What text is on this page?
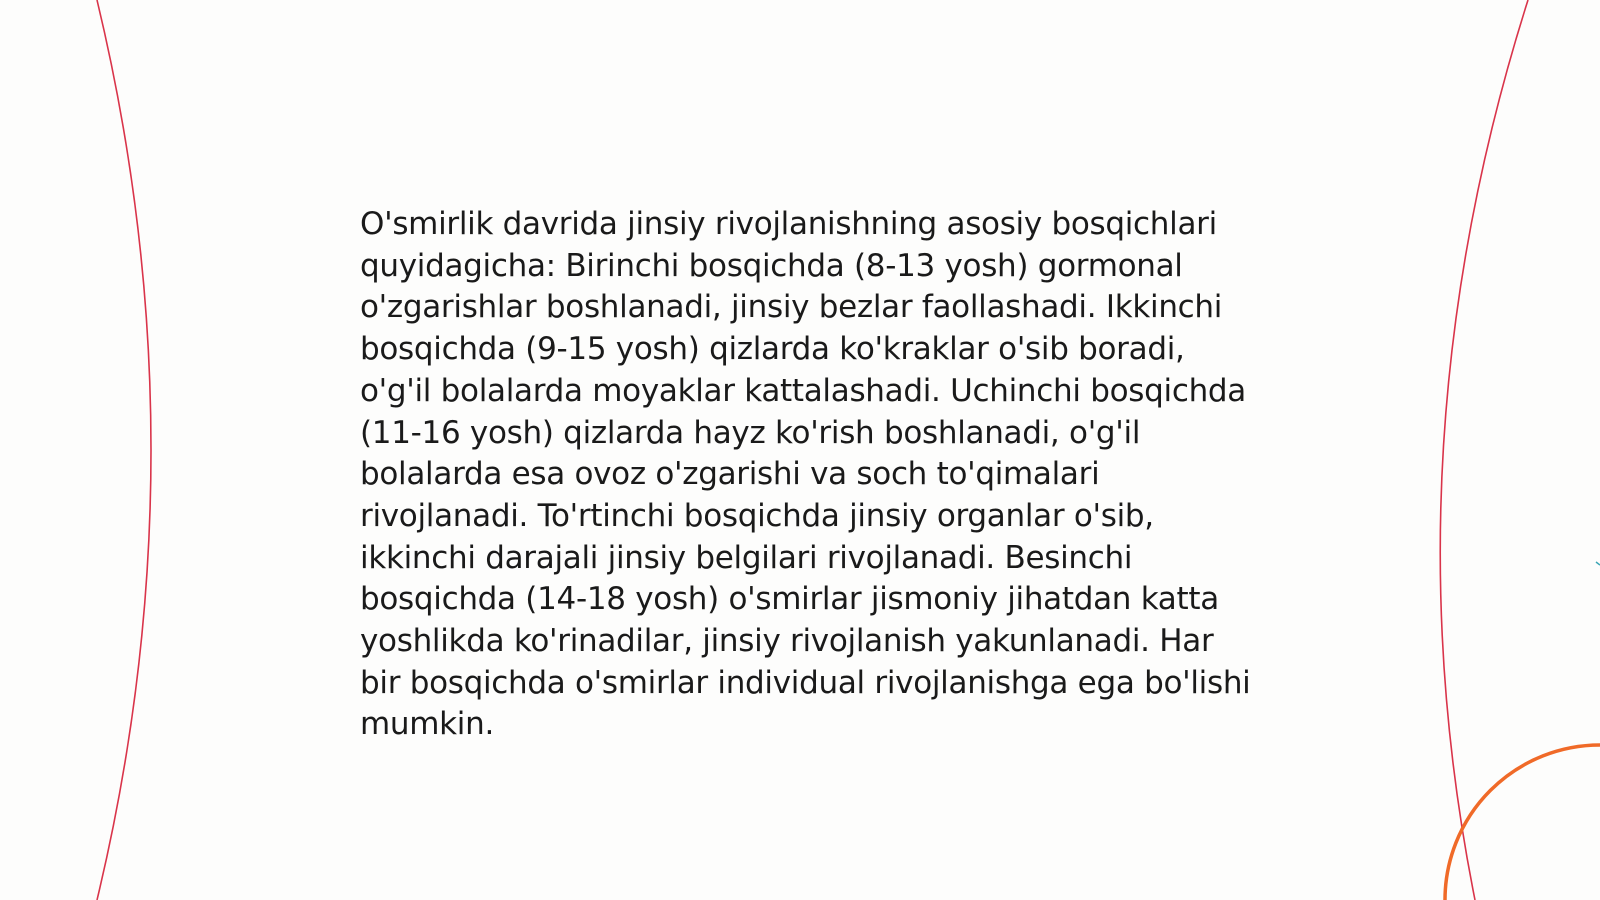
O'smirlik davrida jinsiy rivojlanishning asosiy bosqichlari quyidagicha: Birinchi bosqichda (8-13 yosh) gormonal o'zgarishlar boshlanadi, jinsiy bezlar faollashadi. Ikkinchi bosqichda (9-15 yosh) qizlarda ko'kraklar o'sib boradi, o'g'il bolalarda moyaklar kattalashadi. Uchinchi bosqichda (11-16 yosh) qizlarda hayz ko'rish boshlanadi, o'g'il bolalarda esa ovoz o'zgarishi va soch to'qimalari rivojlanadi. To'rtinchi bosqichda jinsiy organlar o'sib, ikkinchi darajali jinsiy belgilari rivojlanadi. Besinchi bosqichda (14-18 yosh) o'smirlar jismoniy jihatdan katta yoshlikda ko'rinadilar, jinsiy rivojlanish yakunlanadi. Har bir bosqichda o'smirlar individual rivojlanishga ega bo'lishi mumkin.
